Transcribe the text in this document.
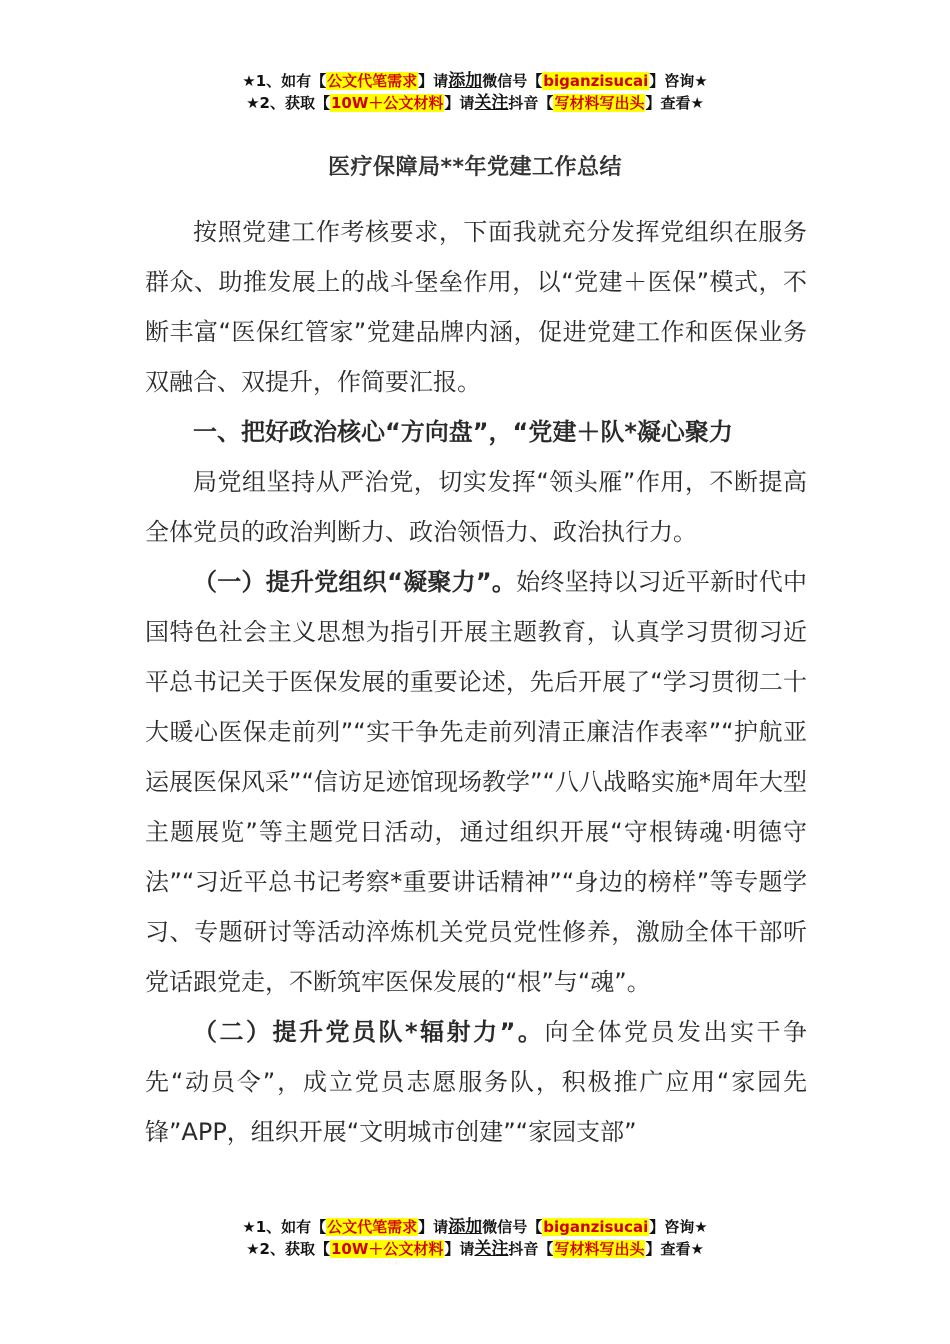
★1、如有【公文代笔需求】请添加微信号【biganzisucai】咨询★
★2、获取【10W＋公文材料】请关注抖音【写材料写出头】查看★
医疗保障局**年党建工作总结

按照党建工作考核要求，下面我就充分发挥党组织在服务群众、助推发展上的战斗堡垒作用，以“党建＋医保”模式，不断丰富“医保红管家”党建品牌内涵，促进党建工作和医保业务双融合、双提升，作简要汇报。

一、把好政治核心“方向盘”，“党建＋队*凝心聚力

局党组坚持从严治党，切实发挥“领头雁”作用，不断提高全体党员的政治判断力、政治领悟力、政治执行力。

（一）提升党组织“凝聚力”。始终坚持以习近平新时代中国特色社会主义思想为指引开展主题教育，认真学习贯彻习近平总书记关于医保发展的重要论述，先后开展了“学习贯彻二十大暖心医保走前列”“实干争先走前列清正廉洁作表率”“护航亚运展医保风采”“信访足迹馆现场教学”“八八战略实施*周年大型主题展览”等主题党日活动，通过组织开展“守根铸魂·明德守法”“习近平总书记考察*重要讲话精神”“身边的榜样”等专题学习、专题研讨等活动淬炼机关党员党性修养，激励全体干部听党话跟党走，不断筑牢医保发展的“根”与“魂”。

（二）提升党员队*辐射力”。向全体党员发出实干争先“动员令”，成立党员志愿服务队，积极推广应用“家园先锋”APP，组织开展“文明城市创建”“家园支部”

★1、如有【公文代笔需求】请添加微信号【biganzisucai】咨询★
★2、获取【10W＋公文材料】请关注抖音【写材料写出头】查看★
